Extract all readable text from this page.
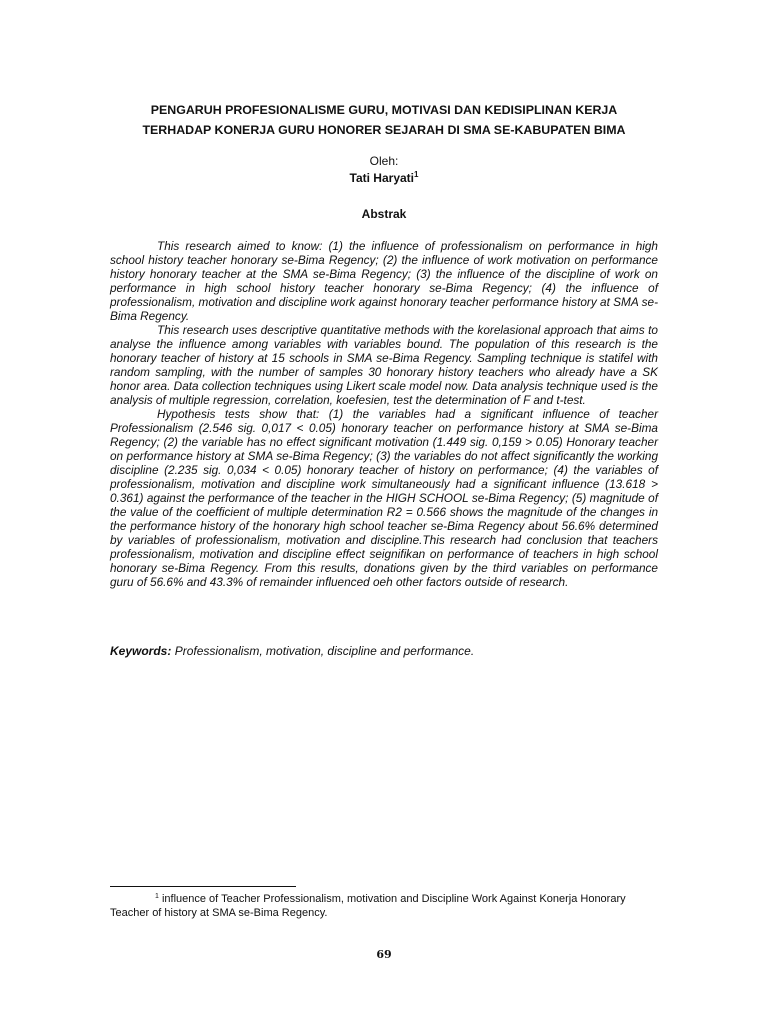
PENGARUH PROFESIONALISME GURU, MOTIVASI DAN KEDISIPLINAN KERJA
TERHADAP KONERJA GURU HONORER SEJARAH DI SMA SE-KABUPATEN BIMA
Oleh:
Tati Haryati$^1$
Abstrak

This research aimed to know: (1) the influence of professionalism on performance in high school history teacher honorary se-Bima Regency; (2) the influence of work motivation on performance history honorary teacher at the SMA se-Bima Regency; (3) the influence of the discipline of work on performance in high school history teacher honorary se-Bima Regency; (4) the influence of professionalism, motivation and discipline work against honorary teacher performance history at SMA se-Bima Regency.

This research uses descriptive quantitative methods with the korelasional approach that aims to analyse the influence among variables with variables bound. The population of this research is the honorary teacher of history at 15 schools in SMA se-Bima Regency. Sampling technique is statifel with random sampling, with the number of samples 30 honorary history teachers who already have a SK honor area. Data collection techniques using Likert scale model now. Data analysis technique used is the analysis of multiple regression, correlation, koefesien, test the determination of F and t-test.

Hypothesis tests show that: (1) the variables had a significant influence of teacher Professionalism (2.546 sig. 0,017 < 0.05) honorary teacher on performance history at SMA se-Bima Regency; (2) the variable has no effect significant motivation (1.449 sig. 0,159 > 0.05) Honorary teacher on performance history at SMA se-Bima Regency; (3) the variables do not affect significantly the working discipline (2.235 sig. 0,034 < 0.05) honorary teacher of history on performance; (4) the variables of professionalism, motivation and discipline work simultaneously had a significant influence (13.618 > 0.361) against the performance of the teacher in the HIGH SCHOOL se-Bima Regency; (5) magnitude of the value of the coefficient of multiple determination R2 = 0.566 shows the magnitude of the changes in the performance history of the honorary high school teacher se-Bima Regency about 56.6% determined by variables of professionalism, motivation and discipline.This research had conclusion that teachers professionalism, motivation and discipline effect seignifikan on performance of teachers in high school honorary se-Bima Regency. From this results, donations given by the third variables on performance guru of 56.6% and 43.3% of remainder influenced oeh other factors outside of research.

Keywords: Professionalism, motivation, discipline and performance.
$^1$ influence of Teacher Professionalism, motivation and Discipline Work Against Konerja Honorary Teacher of history at SMA se-Bima Regency.
69
